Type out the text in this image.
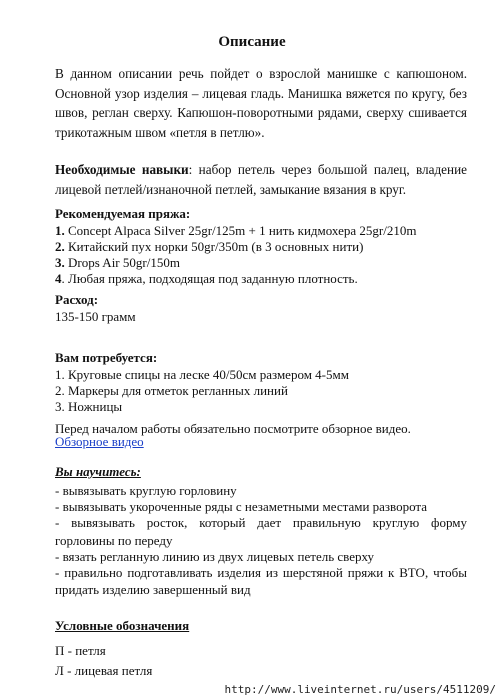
Описание
В данном описании речь пойдет о взрослой манишке с капюшоном. Основной узор изделия – лицевая гладь. Манишка вяжется по кругу, без швов, реглан сверху. Капюшон-поворотными рядами, сверху сшивается трикотажным швом «петля в петлю».
Необходимые навыки: набор петель через большой палец, владение лицевой петлей/изнаночной петлей, замыкание вязания в круг.
Рекомендуемая пряжа:
1. Concept Alpaca Silver 25gr/125m + 1 нить кидмохера 25gr/210m
2. Китайский пух норки 50gr/350m (в 3 основных нити)
3. Drops Air 50gr/150m
4. Любая пряжа, подходящая под заданную плотность.
Расход:
135-150 грамм
Вам потребуется:
1. Круговые спицы на леске 40/50см размером 4-5мм
2. Маркеры для отметок регланных линий
3. Ножницы
Перед началом работы обязательно посмотрите обзорное видео.
Обзорное видео
Вы научитесь:
- вывязывать круглую горловину
- вывязывать укороченные ряды с незаметными местами разворота
- вывязывать росток, который дает правильную круглую форму горловины по переду
- вязать регланную линию из двух лицевых петель сверху
- правильно подготавливать изделия из шерстяной пряжи к ВТО, чтобы придать изделию завершенный вид
Условные обозначения
П - петля
Л - лицевая петля
http://www.liveinternet.ru/users/4511209/
